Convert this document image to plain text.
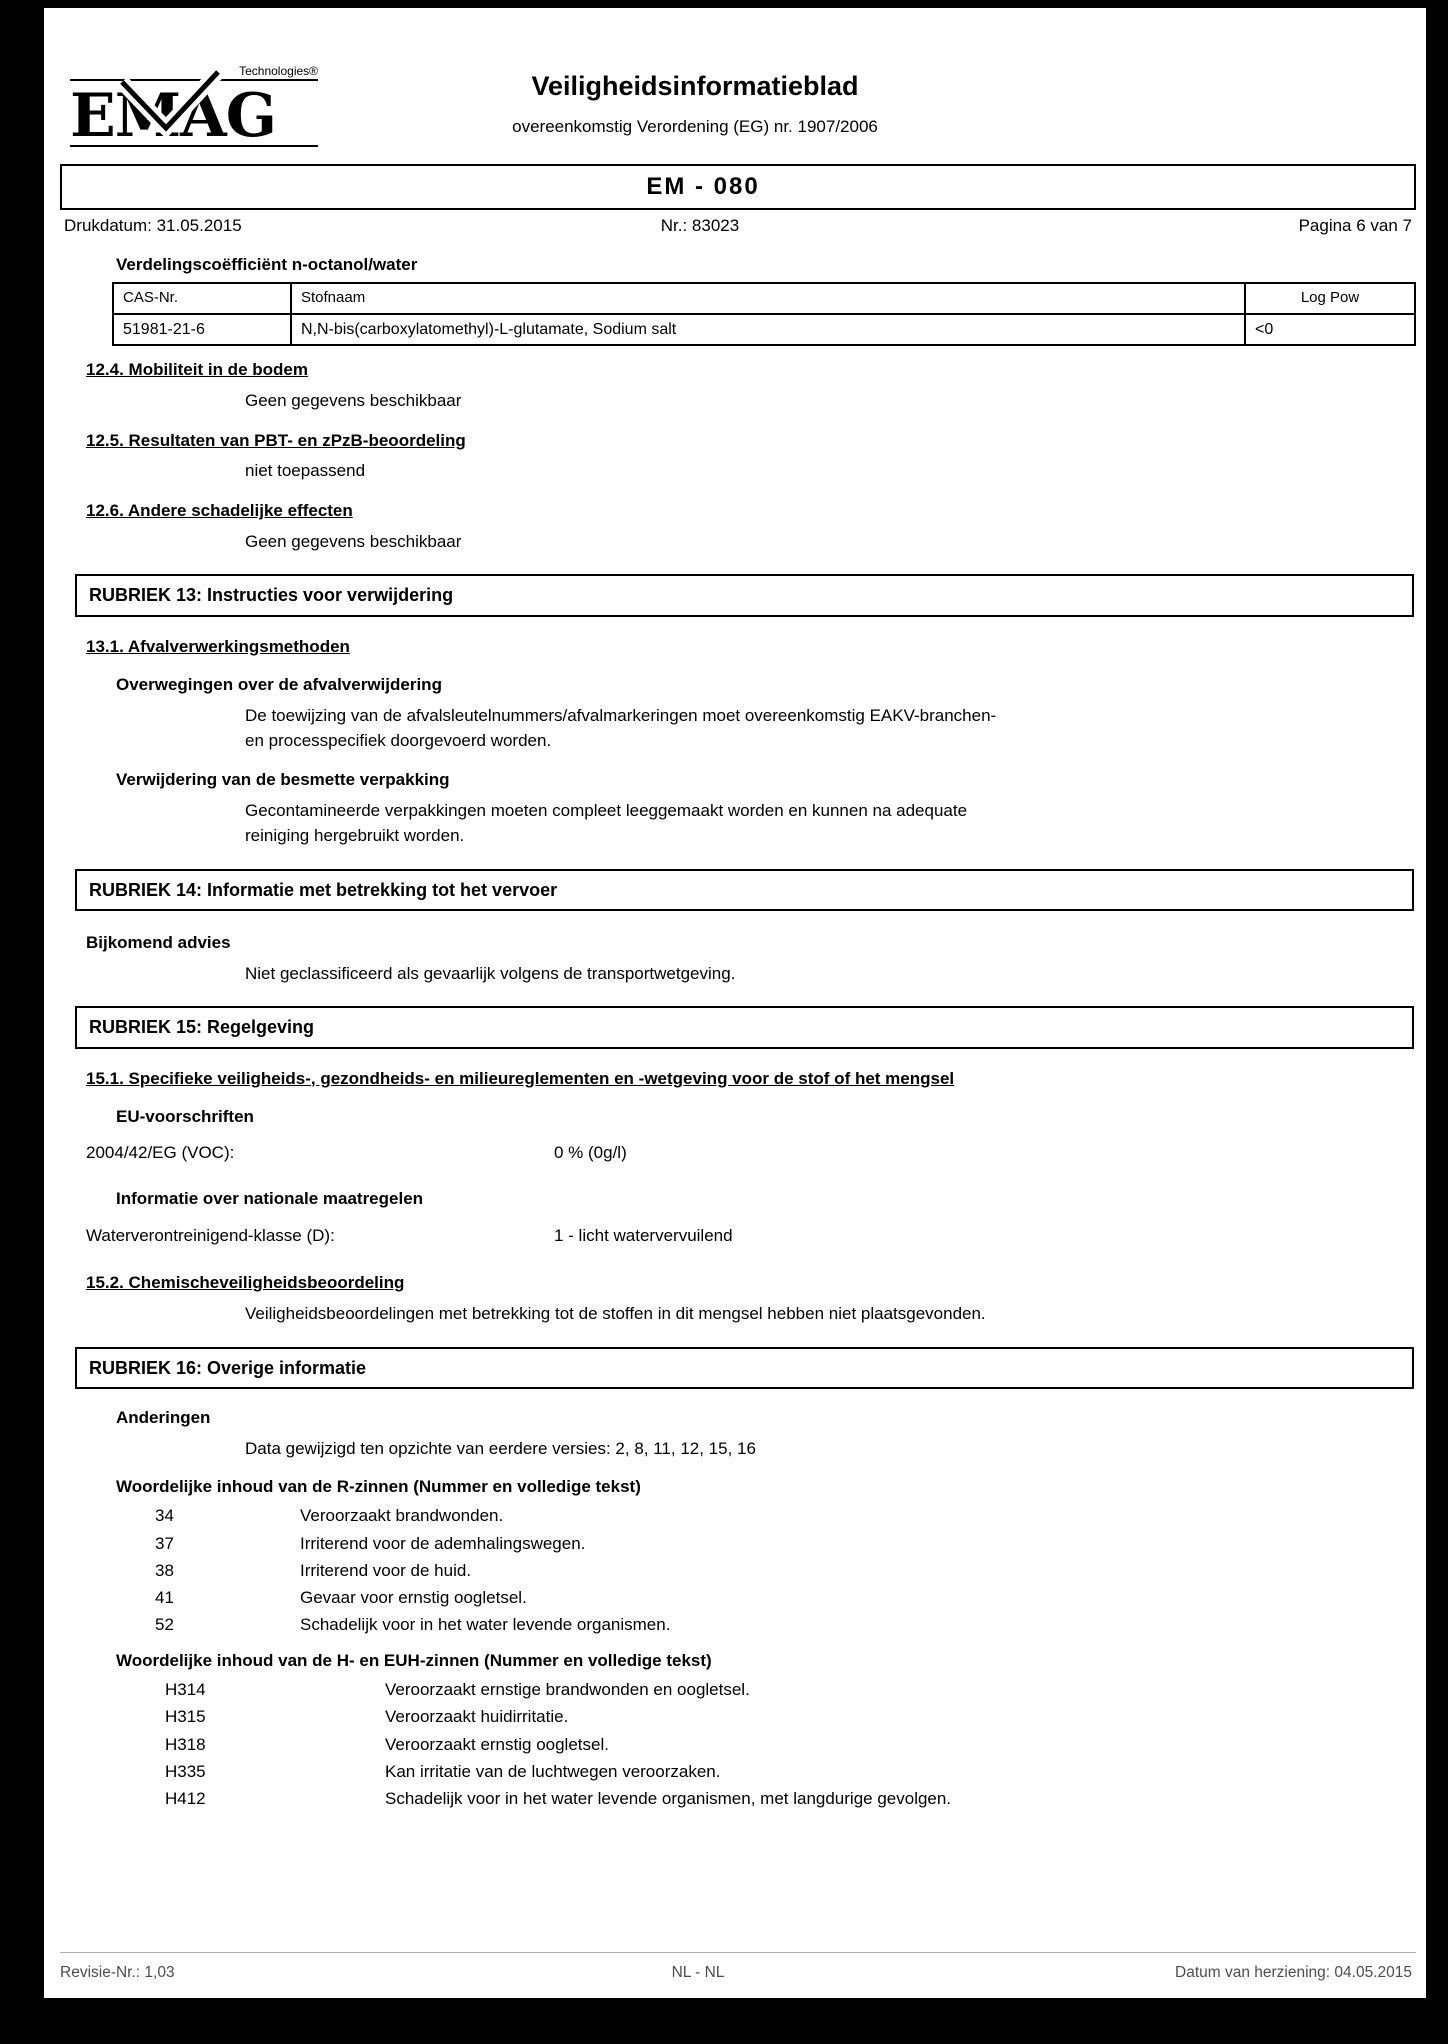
Technologies®
EMAG	Veiligheidsinformatieblad
overeenkomstig Verordening (EG) nr. 1907/2006
EM - 080
Drukdatum: 31.05.2015	Nr.: 83023	Pagina 6 van 7
Verdelingscoëfficiënt n-octanol/water
CAS-Nr.	Stofnaam	Log Pow
51981-21-6	N,N-bis(carboxylatomethyl)-L-glutamate, Sodium salt	<0
12.4. Mobiliteit in de bodem
Geen gegevens beschikbaar
12.5. Resultaten van PBT- en zPzB-beoordeling
niet toepassend
12.6. Andere schadelijke effecten
Geen gegevens beschikbaar
RUBRIEK 13: Instructies voor verwijdering
13.1. Afvalverwerkingsmethoden
Overwegingen over de afvalverwijdering
De toewijzing van de afvalsleutelnummers/afvalmarkeringen moet overeenkomstig EAKV-branchen-
en processpecifiek doorgevoerd worden.
Verwijdering van de besmette verpakking
Gecontamineerde verpakkingen moeten compleet leeggemaakt worden en kunnen na adequate
reiniging hergebruikt worden.
RUBRIEK 14: Informatie met betrekking tot het vervoer
Bijkomend advies
Niet geclassificeerd als gevaarlijk volgens de transportwetgeving.
RUBRIEK 15: Regelgeving
15.1. Specifieke veiligheids-, gezondheids- en milieureglementen en -wetgeving voor de stof of het mengsel
EU-voorschriften
2004/42/EG (VOC):	0 % (0g/l)
Informatie over nationale maatregelen
Waterverontreinigend-klasse (D):	1 - licht watervervuilend
15.2. Chemischeveiligheidsbeoordeling
Veiligheidsbeoordelingen met betrekking tot de stoffen in dit mengsel hebben niet plaatsgevonden.
RUBRIEK 16: Overige informatie
Anderingen
Data gewijzigd ten opzichte van eerdere versies: 2, 8, 11, 12, 15, 16
Woordelijke inhoud van de R-zinnen (Nummer en volledige tekst)
34	Veroorzaakt brandwonden.
37	Irriterend voor de ademhalingswegen.
38	Irriterend voor de huid.
41	Gevaar voor ernstig oogletsel.
52	Schadelijk voor in het water levende organismen.
Woordelijke inhoud van de H- en EUH-zinnen (Nummer en volledige tekst)
H314	Veroorzaakt ernstige brandwonden en oogletsel.
H315	Veroorzaakt huidirritatie.
H318	Veroorzaakt ernstig oogletsel.
H335	Kan irritatie van de luchtwegen veroorzaken.
H412	Schadelijk voor in het water levende organismen, met langdurige gevolgen.
Revisie-Nr.: 1,03	NL - NL	Datum van herziening: 04.05.2015
